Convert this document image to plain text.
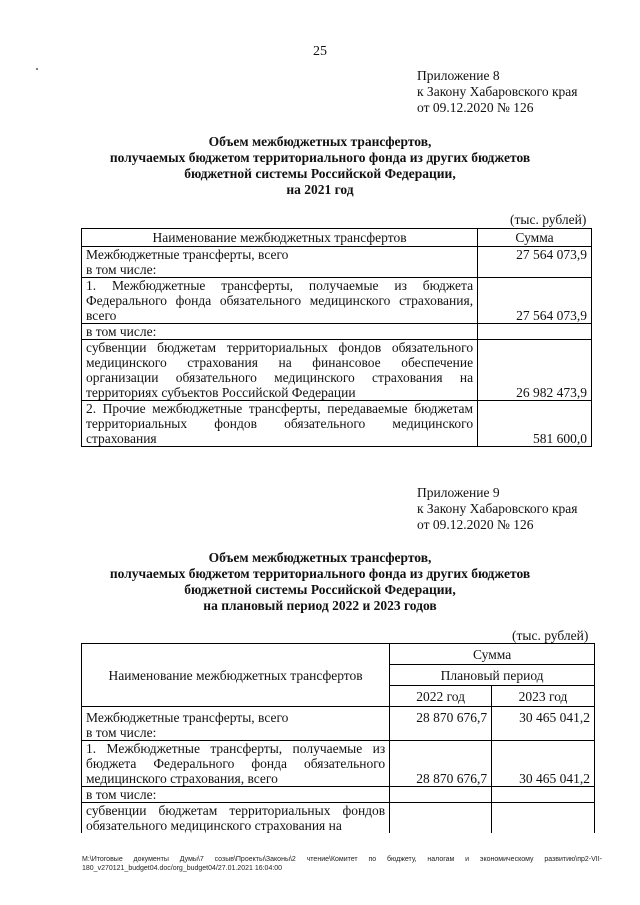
25
Приложение 8
к Закону Хабаровского края
от 09.12.2020 № 126
Объем межбюджетных трансфертов,
получаемых бюджетом территориального фонда из других бюджетов
бюджетной системы Российской Федерации,
на 2021 год
(тыс. рублей)
Наименование межбюджетных трансфертов	Сумма
Межбюджетные трансферты, всего	27 564 073,9
в том числе:	
1. Межбюджетные трансферты, получаемые из бюджета Федерального фонда обязательного медицинского страхования, всего	27 564 073,9
в том числе:	
субвенции бюджетам территориальных фондов обязательного медицинского страхования на финансовое обеспечение организации обязательного медицинского страхования на территориях субъектов Российской Федерации	26 982 473,9
2. Прочие межбюджетные трансферты, передаваемые бюджетам территориальных фондов обязательного медицинского страхования	581 600,0
Приложение 9
к Закону Хабаровского края
от 09.12.2020 № 126
Объем межбюджетных трансфертов,
получаемых бюджетом территориального фонда из других бюджетов
бюджетной системы Российской Федерации,
на плановый период 2022 и 2023 годов
(тыс. рублей)
Наименование межбюджетных трансфертов	Сумма	
	Плановый период	
	2022 год	2023 год
Межбюджетные трансферты, всего	28 870 676,7	30 465 041,2
в том числе:		
1. Межбюджетные трансферты, получаемые из бюджета Федерального фонда обязательного медицинского страхования, всего	28 870 676,7	30 465 041,2
в том числе:		
субвенции бюджетам территориальных фондов обязательного медицинского страхования на		
M:\Итоговые документы Думы\7 созыв\Проекты\Законы\2 чтение\Комитет по бюджету, налогам и экономическому развитию\пр2-VII-180_v270121_budget04.doc/org_budget04/27.01.2021 16:04:00
